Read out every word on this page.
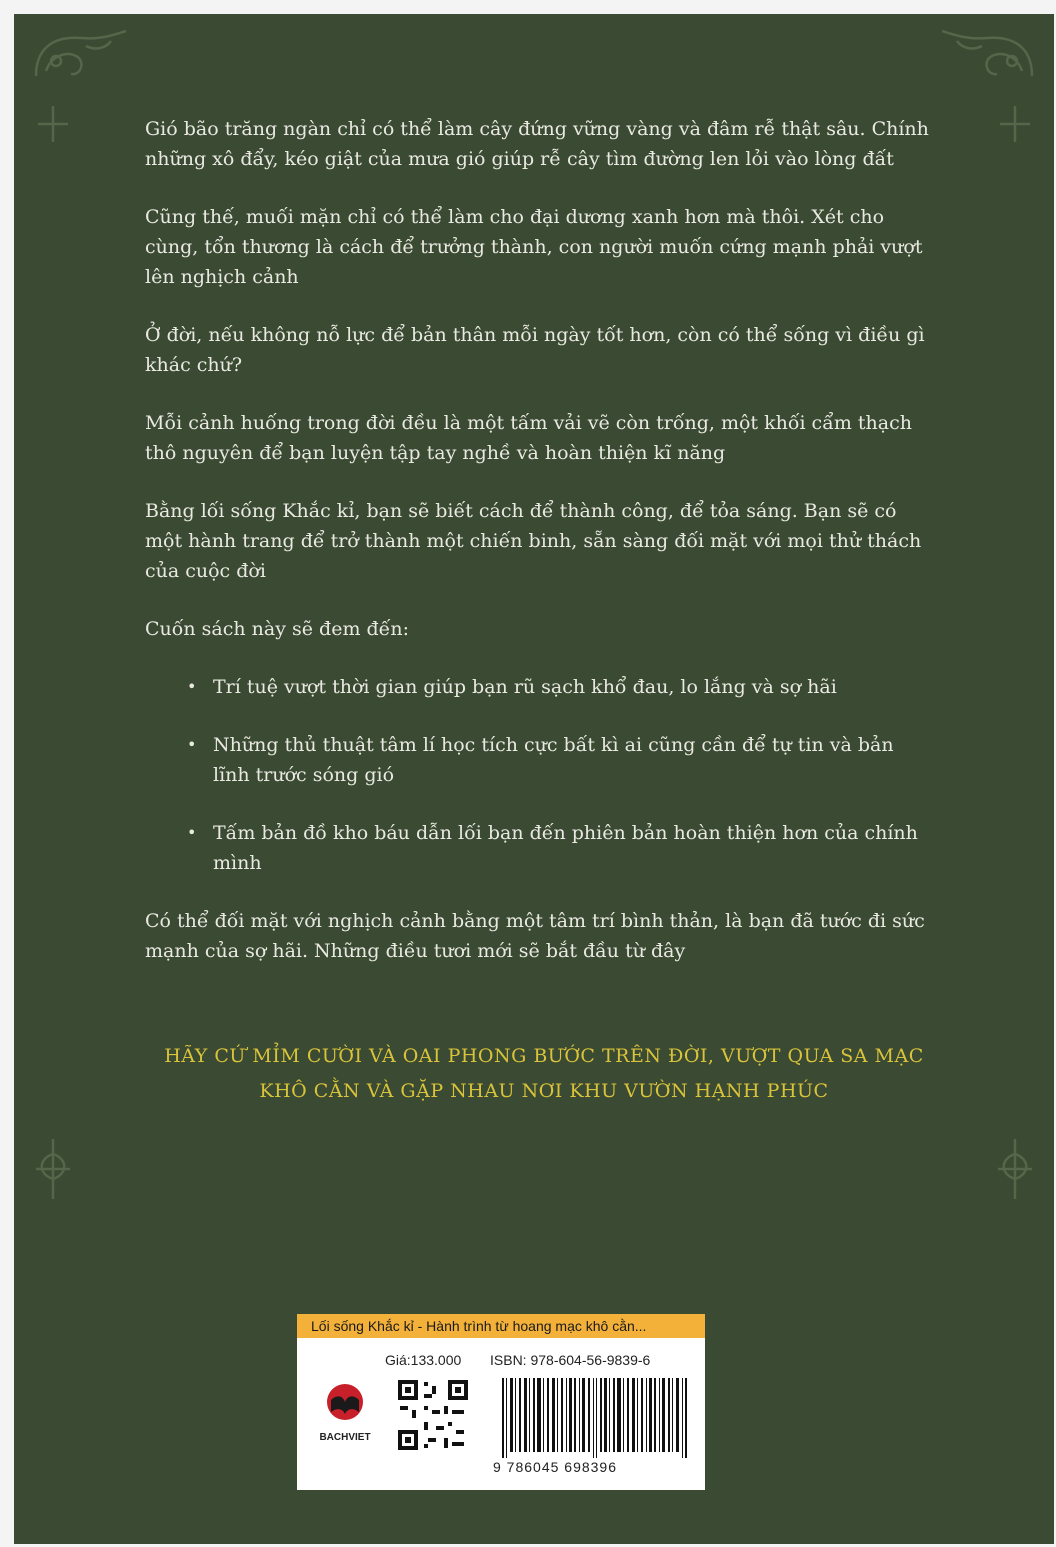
Gió bão trăng ngàn chỉ có thể làm cây đứng vững vàng và đâm rễ thật sâu. Chính những xô đẩy, kéo giật của mưa gió giúp rễ cây tìm đường len lỏi vào lòng đất

Cũng thế, muối mặn chỉ có thể làm cho đại dương xanh hơn mà thôi. Xét cho cùng, tổn thương là cách để trưởng thành, con người muốn cứng mạnh phải vượt lên nghịch cảnh

Ở đời, nếu không nỗ lực để bản thân mỗi ngày tốt hơn, còn có thể sống vì điều gì khác chứ?

Mỗi cảnh huống trong đời đều là một tấm vải vẽ còn trống, một khối cẩm thạch thô nguyên để bạn luyện tập tay nghề và hoàn thiện kĩ năng

Bằng lối sống Khắc kỉ, bạn sẽ biết cách để thành công, để tỏa sáng. Bạn sẽ có một hành trang để trở thành một chiến binh, sẵn sàng đối mặt với mọi thử thách của cuộc đời

Cuốn sách này sẽ đem đến:

• Trí tuệ vượt thời gian giúp bạn rũ sạch khổ đau, lo lắng và sợ hãi
• Những thủ thuật tâm lí học tích cực bất kì ai cũng cần để tự tin và bản lĩnh trước sóng gió
• Tấm bản đồ kho báu dẫn lối bạn đến phiên bản hoàn thiện hơn của chính mình

Có thể đối mặt với nghịch cảnh bằng một tâm trí bình thản, là bạn đã tước đi sức mạnh của sợ hãi. Những điều tươi mới sẽ bắt đầu từ đây

HÃY CỨ MỈM CƯỜI VÀ OAI PHONG BƯỚC TRÊN ĐỜI, VƯỢT QUA SA MẠC
KHÔ CẰN VÀ GẶP NHAU NƠI KHU VƯỜN HẠNH PHÚC
Lối sống Khắc kỉ - Hành trình từ hoang mạc khô cằn...
Giá:133.000 ISBN: 978-604-56-9839-6
BACHVIET
9 786045 698396
